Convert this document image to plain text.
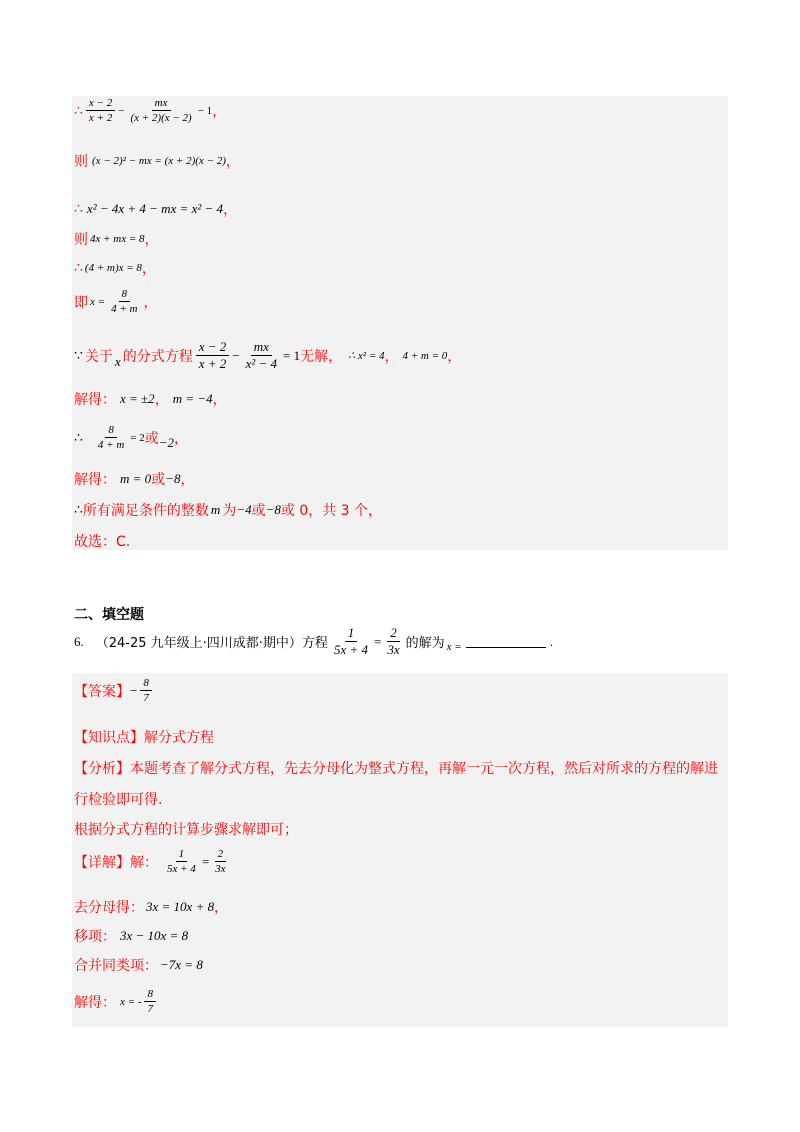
∴ $\frac{x - 2}{x + 2} - \frac{mx}{(x + 2)(x - 2)} - 1$ ，
则 (x − 2)² − mx = (x + 2)(x − 2) ，
∴ x² − 4x + 4 − mx = x² − 4 ，
则 4x + mx = 8 ，
∴ (4 + m)x = 8 ，
即 $x = \frac{8}{4 + m}$ ，
∵ 关于 x 的分式方程 $\frac{x - 2}{x + 2} - \frac{mx}{\text{x² − 4}} = 1$ 无解， ∴ x² = 4 ， 4 + m = 0 ，
解得： x = ±2 ， m = −4 ，
∴ $\frac{8}{4 + m} = 2$ 或 −2 ，
解得： m = 0 或 −8 ，
∴ 所有满足条件的整数 m 为 −4 或 −8 或 0，共 3 个，
故选：C.
二、填空题
6. （24-25 九年级上·四川成都·期中）方程 $\frac{1}{5x + 4} = \frac{2}{3x}$ 的解为 x =	.
【答案】 − $\frac{8}{7}$
【知识点】 解分式方程
【分析】 本题考查了解分式方程，先去分母化为整式方程，再解一元一次方程，然后对所求的方程的解进
行检验即可得.
根据分式方程的计算步骤求解即可；
【详解】 解： $\frac{1}{5x + 4} = \frac{2}{3x}$
去分母得： 3x = 10x + 8 ，
移项： 3x − 10x = 8
合并同类项： −7x = 8
解得： x = - $\frac{8}{7}$
